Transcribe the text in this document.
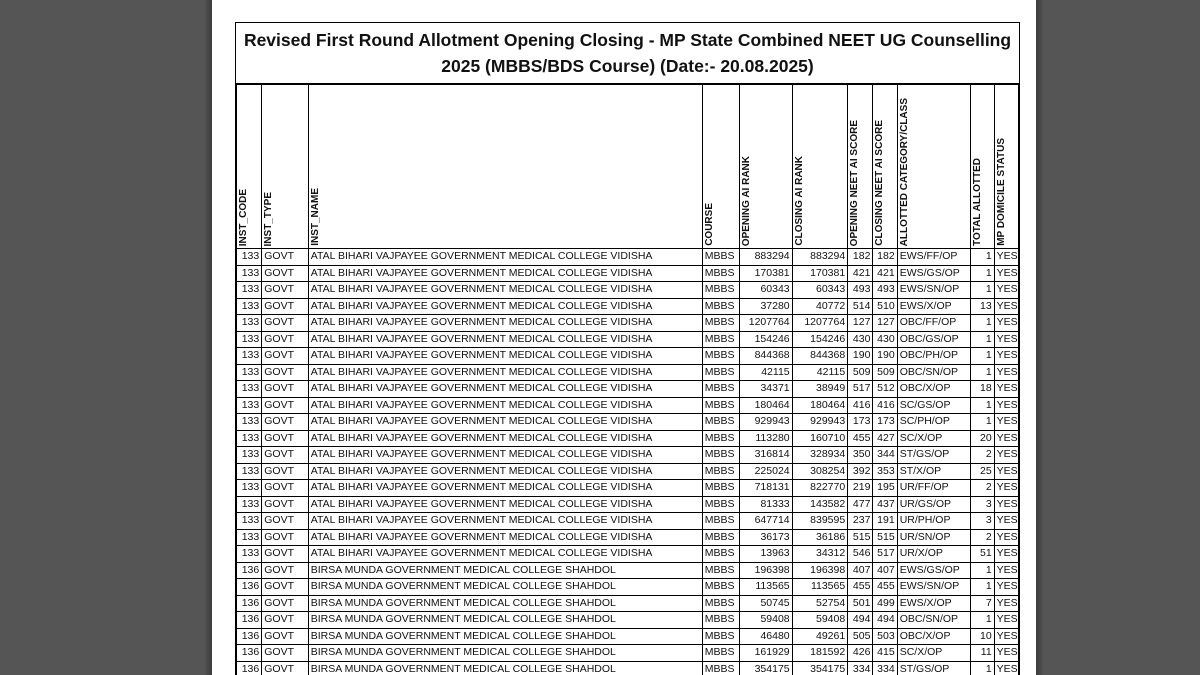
Revised First Round Allotment Opening Closing - MP State Combined NEET UG Counselling
2025 (MBBS/BDS Course) (Date:- 20.08.2025)
INST_CODE	INST_TYPE	INST_NAME	COURSE	OPENING AI RANK	CLOSING AI RANK	OPENING NEET AI SCORE	CLOSING NEET AI SCORE	ALLOTTED CATEGORY/CLASS	TOTAL ALLOTTED	MP DOMICILE STATUS

133	GOVT	ATAL BIHARI VAJPAYEE GOVERNMENT MEDICAL COLLEGE VIDISHA	MBBS	883294	883294	182	182	EWS/FF/OP	1	YES
133	GOVT	ATAL BIHARI VAJPAYEE GOVERNMENT MEDICAL COLLEGE VIDISHA	MBBS	170381	170381	421	421	EWS/GS/OP	1	YES
133	GOVT	ATAL BIHARI VAJPAYEE GOVERNMENT MEDICAL COLLEGE VIDISHA	MBBS	60343	60343	493	493	EWS/SN/OP	1	YES
133	GOVT	ATAL BIHARI VAJPAYEE GOVERNMENT MEDICAL COLLEGE VIDISHA	MBBS	37280	40772	514	510	EWS/X/OP	13	YES
133	GOVT	ATAL BIHARI VAJPAYEE GOVERNMENT MEDICAL COLLEGE VIDISHA	MBBS	1207764	1207764	127	127	OBC/FF/OP	1	YES
133	GOVT	ATAL BIHARI VAJPAYEE GOVERNMENT MEDICAL COLLEGE VIDISHA	MBBS	154246	154246	430	430	OBC/GS/OP	1	YES
133	GOVT	ATAL BIHARI VAJPAYEE GOVERNMENT MEDICAL COLLEGE VIDISHA	MBBS	844368	844368	190	190	OBC/PH/OP	1	YES
133	GOVT	ATAL BIHARI VAJPAYEE GOVERNMENT MEDICAL COLLEGE VIDISHA	MBBS	42115	42115	509	509	OBC/SN/OP	1	YES
133	GOVT	ATAL BIHARI VAJPAYEE GOVERNMENT MEDICAL COLLEGE VIDISHA	MBBS	34371	38949	517	512	OBC/X/OP	18	YES
133	GOVT	ATAL BIHARI VAJPAYEE GOVERNMENT MEDICAL COLLEGE VIDISHA	MBBS	180464	180464	416	416	SC/GS/OP	1	YES
133	GOVT	ATAL BIHARI VAJPAYEE GOVERNMENT MEDICAL COLLEGE VIDISHA	MBBS	929943	929943	173	173	SC/PH/OP	1	YES
133	GOVT	ATAL BIHARI VAJPAYEE GOVERNMENT MEDICAL COLLEGE VIDISHA	MBBS	113280	160710	455	427	SC/X/OP	20	YES
133	GOVT	ATAL BIHARI VAJPAYEE GOVERNMENT MEDICAL COLLEGE VIDISHA	MBBS	316814	328934	350	344	ST/GS/OP	2	YES
133	GOVT	ATAL BIHARI VAJPAYEE GOVERNMENT MEDICAL COLLEGE VIDISHA	MBBS	225024	308254	392	353	ST/X/OP	25	YES
133	GOVT	ATAL BIHARI VAJPAYEE GOVERNMENT MEDICAL COLLEGE VIDISHA	MBBS	718131	822770	219	195	UR/FF/OP	2	YES
133	GOVT	ATAL BIHARI VAJPAYEE GOVERNMENT MEDICAL COLLEGE VIDISHA	MBBS	81333	143582	477	437	UR/GS/OP	3	YES
133	GOVT	ATAL BIHARI VAJPAYEE GOVERNMENT MEDICAL COLLEGE VIDISHA	MBBS	647714	839595	237	191	UR/PH/OP	3	YES
133	GOVT	ATAL BIHARI VAJPAYEE GOVERNMENT MEDICAL COLLEGE VIDISHA	MBBS	36173	36186	515	515	UR/SN/OP	2	YES
133	GOVT	ATAL BIHARI VAJPAYEE GOVERNMENT MEDICAL COLLEGE VIDISHA	MBBS	13963	34312	546	517	UR/X/OP	51	YES
136	GOVT	BIRSA MUNDA GOVERNMENT MEDICAL COLLEGE SHAHDOL	MBBS	196398	196398	407	407	EWS/GS/OP	1	YES
136	GOVT	BIRSA MUNDA GOVERNMENT MEDICAL COLLEGE SHAHDOL	MBBS	113565	113565	455	455	EWS/SN/OP	1	YES
136	GOVT	BIRSA MUNDA GOVERNMENT MEDICAL COLLEGE SHAHDOL	MBBS	50745	52754	501	499	EWS/X/OP	7	YES
136	GOVT	BIRSA MUNDA GOVERNMENT MEDICAL COLLEGE SHAHDOL	MBBS	59408	59408	494	494	OBC/SN/OP	1	YES
136	GOVT	BIRSA MUNDA GOVERNMENT MEDICAL COLLEGE SHAHDOL	MBBS	46480	49261	505	503	OBC/X/OP	10	YES
136	GOVT	BIRSA MUNDA GOVERNMENT MEDICAL COLLEGE SHAHDOL	MBBS	161929	181592	426	415	SC/X/OP	11	YES
136	GOVT	BIRSA MUNDA GOVERNMENT MEDICAL COLLEGE SHAHDOL	MBBS	354175	354175	334	334	ST/GS/OP	1	YES
